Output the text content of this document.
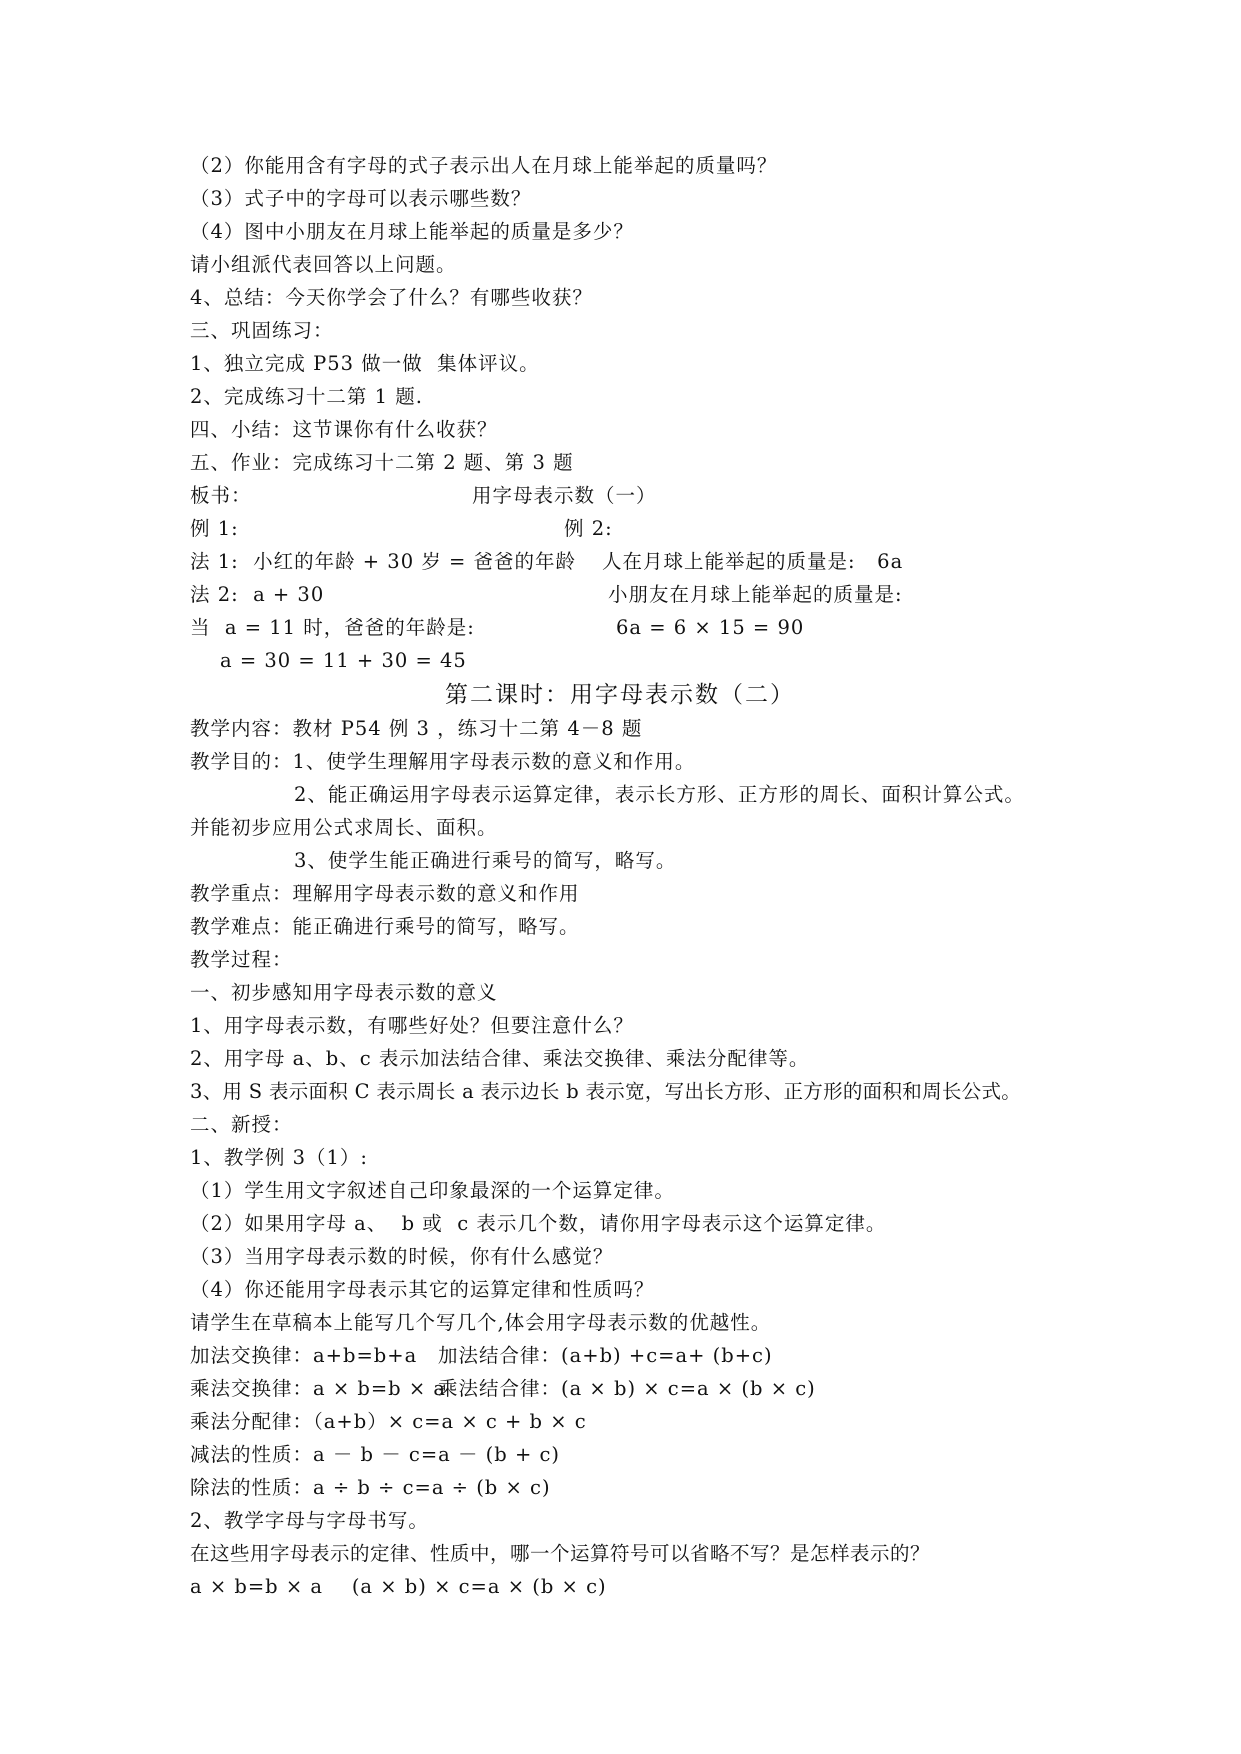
（2）你能用含有字母的式子表示出人在月球上能举起的质量吗？
（3）式子中的字母可以表示哪些数？
（4）图中小朋友在月球上能举起的质量是多少？
请小组派代表回答以上问题。
4、总结：今天你学会了什么？有哪些收获？
三、巩固练习：
1、独立完成 P53 做一做  集体评议。
2、完成练习十二第 1 题.
四、小结：这节课你有什么收获？
五、作业：完成练习十二第 2 题、第 3 题
板书：	用字母表示数（一）
例 1:	例 2:
法 1:  小红的年龄 + 30 岁 = 爸爸的年龄 人在月球上能举起的质量是:   6a
法 2:  a + 30	小朋友在月球上能举起的质量是:
当  a = 11 时，爸爸的年龄是:	6a = 6 × 15 = 90
a = 30 = 11 + 30 = 45
第二课时：用字母表示数（二）
教学内容：教材 P54 例 3 ，练习十二第 4－8 题
教学目的：1、使学生理解用字母表示数的意义和作用。
2、能正确运用字母表示运算定律，表示长方形、正方形的周长、面积计算公式。
并能初步应用公式求周长、面积。
3、使学生能正确进行乘号的简写，略写。
教学重点：理解用字母表示数的意义和作用
教学难点：能正确进行乘号的简写，略写。
教学过程：
一、初步感知用字母表示数的意义
1、用字母表示数，有哪些好处？但要注意什么？
2、用字母 a、b、c 表示加法结合律、乘法交换律、乘法分配律等。
3、用 S 表示面积 C 表示周长 a 表示边长 b 表示宽，写出长方形、正方形的面积和周长公式。
二、新授：
1、教学例 3（1）:
（1）学生用文字叙述自己印象最深的一个运算定律。
（2）如果用字母 a、  b 或  c 表示几个数，请你用字母表示这个运算定律。
（3）当用字母表示数的时候，你有什么感觉？
（4）你还能用字母表示其它的运算定律和性质吗？
请学生在草稿本上能写几个写几个,体会用字母表示数的优越性。
加法交换律：a+b=b+a 加法结合律：(a+b) +c=a+ (b+c)
乘法交换律：a × b=b × a
乘法结合律：(a × b) × c=a × (b × c)
乘法分配律：（a+b）× c=a × c + b × c
减法的性质：a － b － c=a － (b + c)
除法的性质：a ÷ b ÷ c=a ÷ (b × c)
2、教学字母与字母书写。
在这些用字母表示的定律、性质中，哪一个运算符号可以省略不写？是怎样表示的？
a × b=b × a    (a × b) × c=a × (b × c)
